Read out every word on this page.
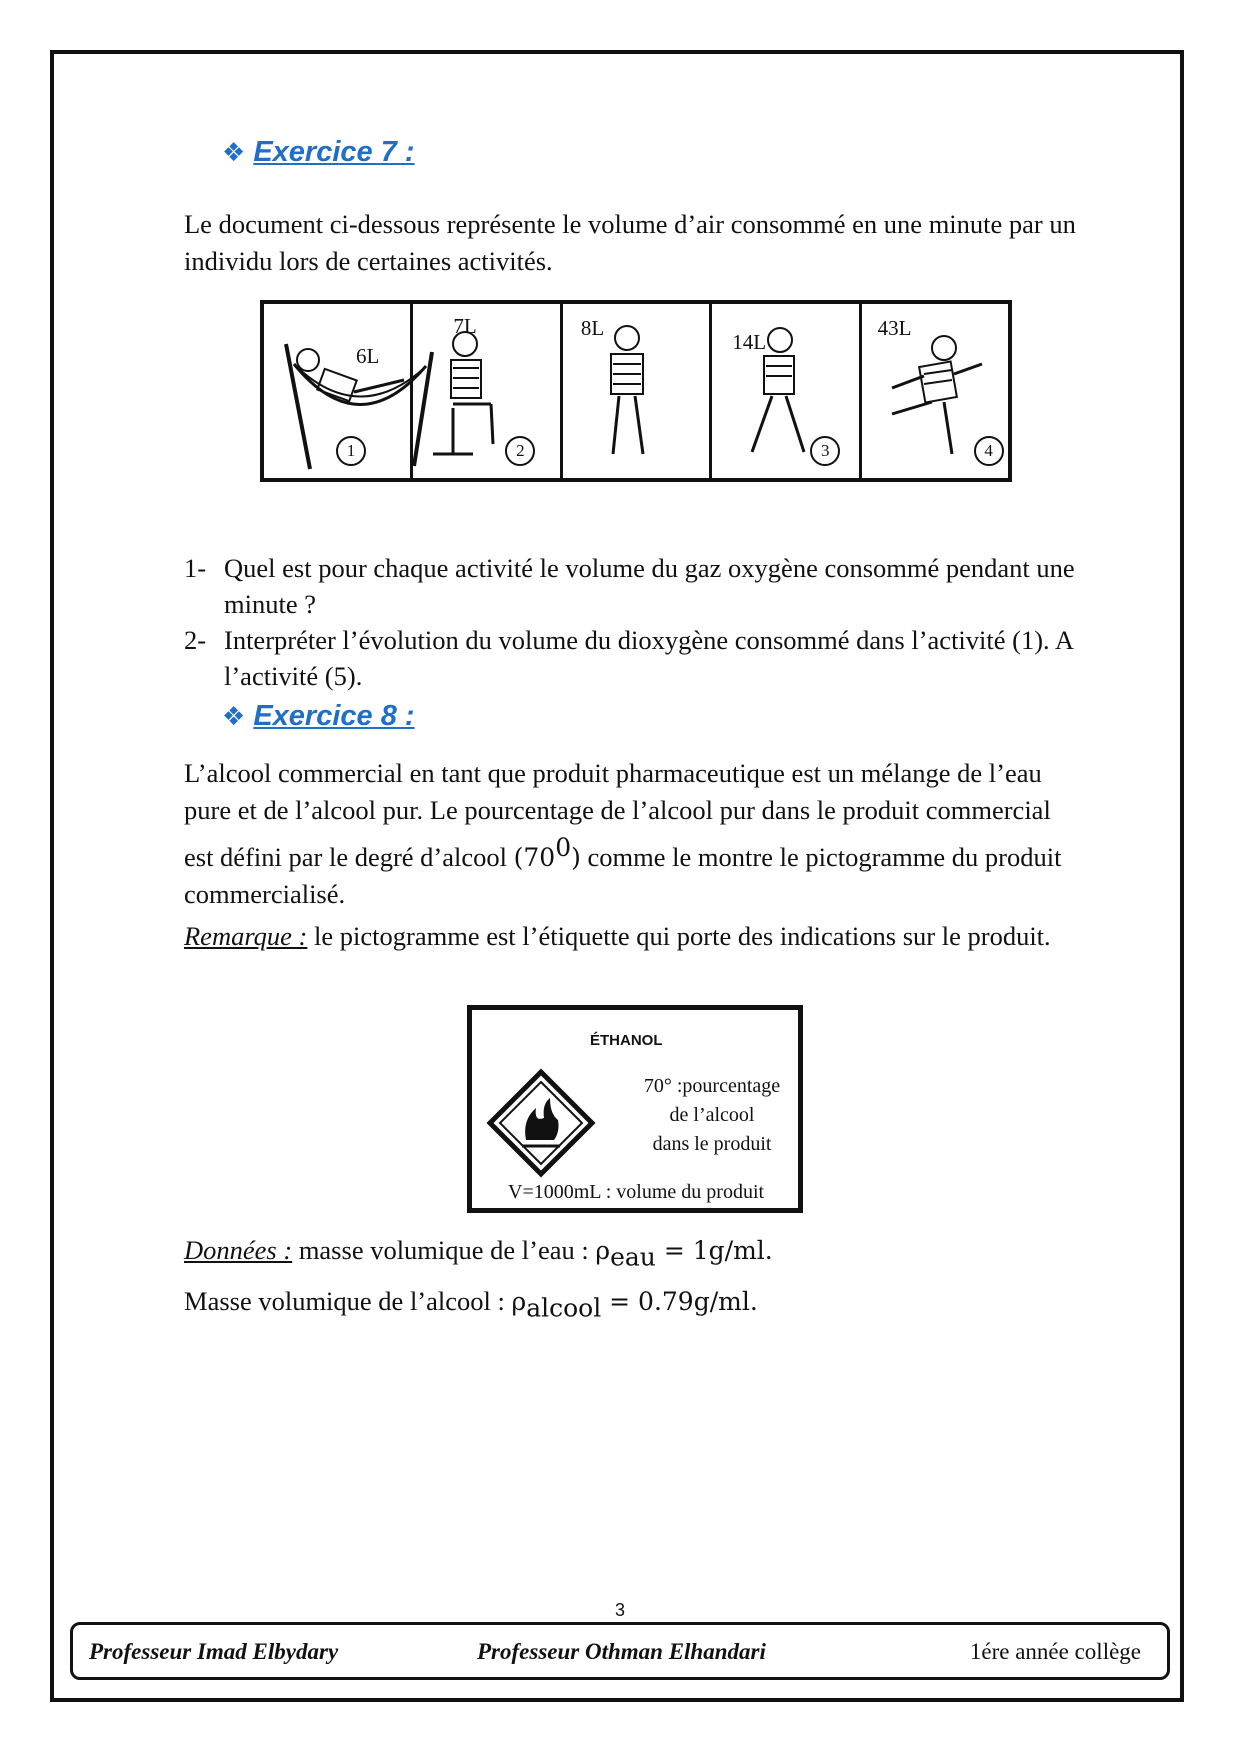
❖ Exercice 7 :

Le document ci-dessous représente le volume d’air consommé en une minute par un individu lors de certaines activités.

6L
1
7L
2
8L
14L
3
43L
4
1- Quel est pour chaque activité le volume du gaz oxygène consommé pendant une minute ?
2- Interpréter l’évolution du volume du dioxygène consommé dans l’activité (1). A l’activité (5).
❖ Exercice 8 :

L’alcool commercial en tant que produit pharmaceutique est un mélange de l’eau pure et de l’alcool pur. Le pourcentage de l’alcool pur dans le produit commercial est défini par le degré d’alcool $(70^0)$ comme le montre le pictogramme du produit commercialisé.

Remarque : le pictogramme est l’étiquette qui porte des indications sur le produit.

ÉTHANOL
70° :pourcentage
de l’alcool
dans le produit
V=1000mL : volume du produit

Données : masse volumique de l’eau : $\rho_{eau} = 1g/ml$.

Masse volumique de l’alcool : $\rho_{alcool} = 0.79g/ml$.

3
Professeur Imad Elbydary	Professeur Othman Elhandari	1ére année collège
